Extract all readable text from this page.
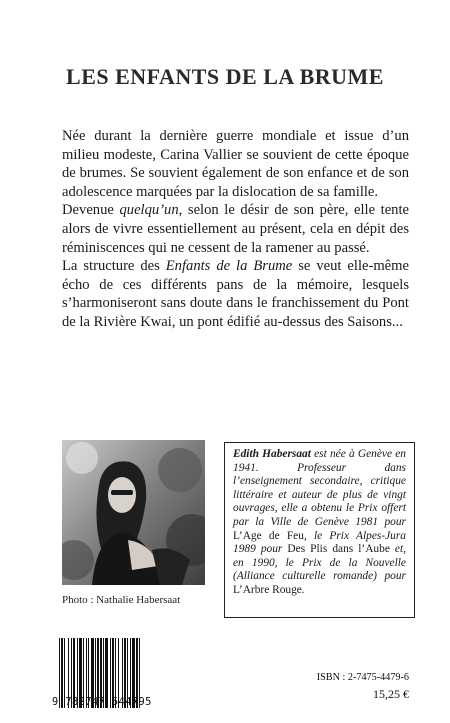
LES ENFANTS DE LA BRUME

Née durant la dernière guerre mondiale et issue d’un milieu modeste, Carina Vallier se souvient de cette époque de brumes. Se souvient également de son enfance et de son adolescence marquées par la dislocation de sa famille.

Devenue quelqu’un, selon le désir de son père, elle tente alors de vivre essentiellement au présent, cela en dépit des réminiscences qui ne cessent de la ramener au passé.

La structure des Enfants de la Brume se veut elle-même écho de ces différents pans de la mémoire, lesquels s’harmoniseront sans doute dans le franchissement du Pont de la Rivière Kwai, un pont édifié au-dessus des Saisons...

Photo : Nathalie Habersaat
Edith Habersaat est née à Genève en 1941. Professeur dans l’enseignement secondaire, critique littéraire et auteur de plus de vingt ouvrages, elle a obtenu le Prix offert par la Ville de Genève 1981 pour L’Age de Feu, le Prix Alpes-Jura 1989 pour Des Plis dans l’Aube et, en 1990, le Prix de la Nouvelle (Alliance culturelle romande) pour L’Arbre Rouge.
9 782747 544795
ISBN : 2-7475-4479-6
15,25 €
